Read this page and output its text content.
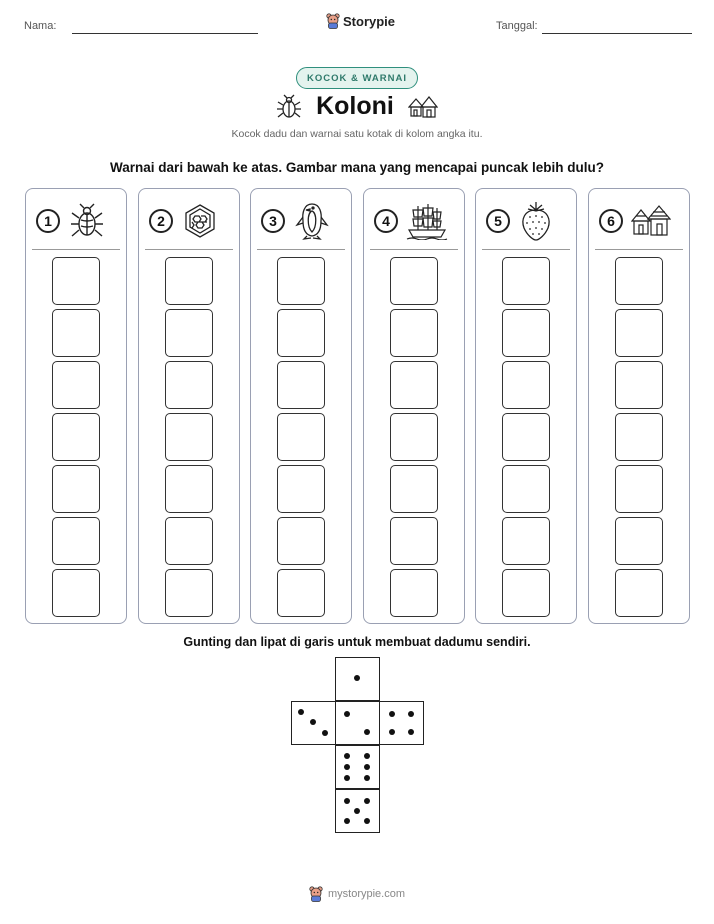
Nama:	Storypie	Tanggal:
KOCOK & WARNAI
Koloni
Kocok dadu dan warnai satu kotak di kolom angka itu.
Warnai dari bawah ke atas. Gambar mana yang mencapai puncak lebih dulu?
1	2	3	4	5	6
Gunting dan lipat di garis untuk membuat dadumu sendiri.
mystorypie.com
